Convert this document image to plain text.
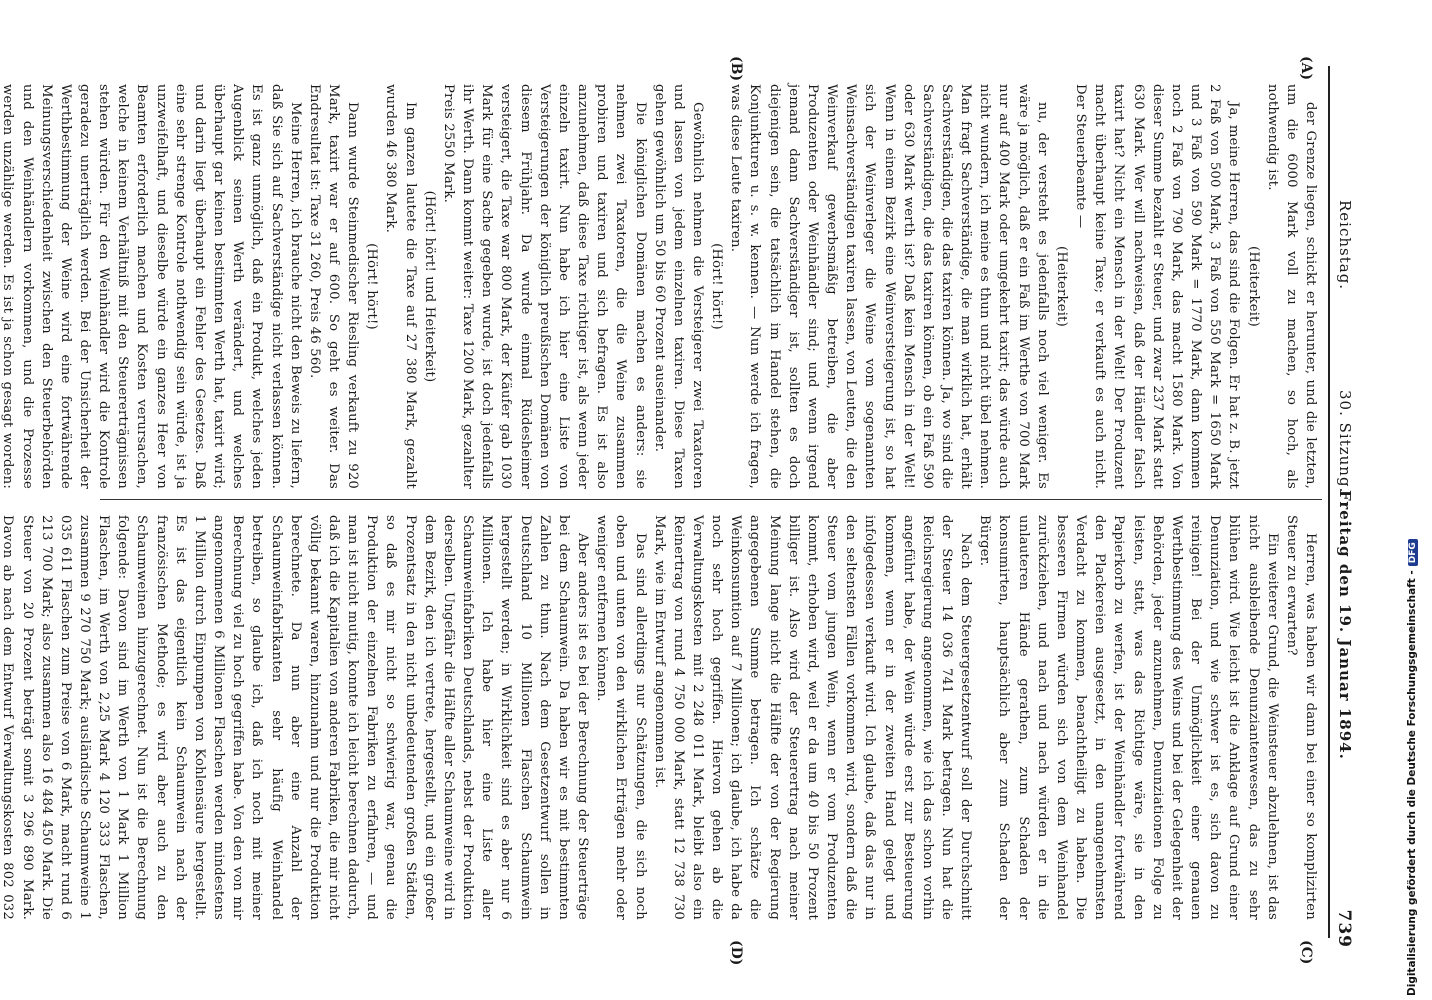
Reichstag.
30. Sitzung.
Freitag den 19. Januar 1894.
739
(A)
(B)
(C)
(D)

der Grenze liegen, schickt er herunter, und die letzten, um die 6000 Mark voll zu machen, so hoch, als nothwendig ist.

(Heiterkeit)

Ja, meine Herren, das sind die Folgen. Er hat z. B. jetzt 2 Faß von 500 Mark, 3 Faß von 550 Mark = 1650 Mark und 3 Faß von 590 Mark = 1770 Mark, dann kommen noch 2 Faß von 790 Mark, das macht 1580 Mark. Von dieser Summe bezahlt er Steuer, und zwar 237 Mark statt 630 Mark. Wer will nachweisen, daß der Händler falsch taxirt hat? Nicht ein Mensch in der Welt! Der Produzent macht überhaupt keine Taxe; er verkauft es auch nicht. Der Steuerbeamte —

(Heiterkeit)

nu, der versteht es jedenfalls noch viel weniger. Es wäre ja möglich, daß er ein Faß im Werthe von 700 Mark nur auf 400 Mark oder umgekehrt taxirt; das würde auch nicht wundern, ich meine es thun und nicht übel nehmen. Man fragt Sachverständige, die man wirklich hat, erhält Sachverständigen, die das taxiren können. Ja, wo sind die Sachverständigen, die das taxiren können, ob ein Faß 590 oder 630 Mark werth ist? Daß kein Mensch in der Welt! Wenn in einem Bezirk eine Weinversteigerung ist, so hat sich der Weinverleger die Weine vom sogenannten Weinsachverständigen taxiren lassen, von Leuten, die den Weinverkauf gewerbsmäßig betreiben, die aber Produzenten oder Weinhändler sind; und wenn irgend jemand dann Sachverständiger ist, sollten es doch diejenigen sein, die tatsächlich im Handel stehen, die Konjunkturen u. s. w. kennen. — Nun werde ich fragen, was diese Leute taxiren.

(Hört! hört!)

Gewöhnlich nehmen die Versteigerer zwei Taxatoren und lassen von jedem einzelnen taxiren. Diese Taxen gehen gewöhnlich um 50 bis 60 Prozent auseinander.

Die königlichen Domänen machen es anders: sie nehmen zwei Taxatoren, die die Weine zusammen probiren und taxiren und sich befragen. Es ist also anzunehmen, daß diese Taxe richtiger ist, als wenn jeder einzeln taxirt. Nun habe ich hier eine Liste von Versteigerungen der königlich preußischen Domänen von diesem Frühjahr. Da wurde einmal Rüdesheimer versteigert, die Taxe war 800 Mark, der Käufer gab 1030 Mark für eine Sache gegeben wurde, ist doch jedenfalls ihr Werth. Dann kommt weiter: Taxe 1200 Mark, gezahlter Preis 2550 Mark.

(Hört! hört! und Heiterkeit)

Im ganzen lautete die Taxe auf 27 380 Mark, gezahlt wurden 46 380 Mark.

(Hört! hört!)

Dann wurde Steinmedischer Riesling verkauft zu 920 Mark, taxirt war er auf 600. So geht es weiter. Das Endresultat ist: Taxe 31 260, Preis 46 560.

Meine Herren, ich brauche nicht den Beweis zu liefern, daß Sie sich auf Sachverständige nicht verlassen können. Es ist ganz unmöglich, daß ein Produkt, welches jeden Augenblick seinen Werth verändert, und welches überhaupt gar keinen bestimmten Werth hat, taxirt wird; und darin liegt überhaupt ein Fehler des Gesetzes. Daß eine sehr strenge Kontrole nothwendig sein würde, ist ja unzweifelhaft, und dieselbe würde ein ganzes Heer von Beamten erforderlich machen und Kosten verursachen, welche in keinem Verhältniß mit den Steuererträgnissen stehen würden. Für den Weinhändler wird die Kontrole geradezu unerträglich werden. Bei der Unsicherheit der Werthbestimmung der Weine wird eine fortwährende Meinungsverschiedenheit zwischen den Steuerbehörden und den Weinhändlern vorkommen, und die Prozesse werden unzählige werden. Es ist ja schon gesagt worden:

Herren, was haben wir dann bei einer so komplizirten Steuer zu erwarten?

Ein weiterer Grund, die Weinsteuer abzulehnen, ist das nicht ausbleibende Denunziantenwesen, das zu sehr blühen wird. Wie leicht ist die Anklage auf Grund einer Denunziation, und wie schwer ist es, sich davon zu reinigen! Bei der Unmöglichkeit einer genauen Werthbestimmung des Weins und bei der Gelegenheit der Behörden, jeder anzunehmen, Denunziationen Folge zu leisten, statt, was das Richtige wäre, sie in den Papierkorb zu werfen, ist der Weinhändler fortwährend den Plackereien ausgesetzt, in den unangenehmsten Verdacht zu kommen, benachtheiligt zu haben. Die besseren Firmen würden sich von dem Weinhandel zurückziehen, und nach und nach würden er in die unlauteren Hände gerathen, zum Schaden der konsumirten, hauptsächlich aber zum Schaden der Bürger.

Nach dem Steuergesetzentwurf soll der Durchschnitt der Steuer 14 036 741 Mark betragen. Nun hat die Reichsregierung angenommen, wie ich das schon vorhin angeführt habe, der Wein würde erst zur Besteuerung kommen, wenn er in der zweiten Hand gelegt und infolgedessen verkauft wird. Ich glaube, daß das nur in den seltensten Fällen vorkommen wird, sondern daß die Steuer vom jungen Wein, wenn er vom Produzenten kommt, erhoben wird, weil er da um 40 bis 50 Prozent billiger ist. Also wird der Steuerertrag nach meiner Meinung lange nicht die Hälfte der von der Regierung angegebenen Summe betragen. Ich schätze die Weinkonsumtion auf 7 Millionen; ich glaube, ich habe da noch sehr hoch gegriffen. Hiervon gehen ab die Verwaltungskosten mit 2 248 011 Mark, bleibt also ein Reinertrag von rund 4 750 000 Mark, statt 12 738 730 Mark, wie im Entwurf angenommen ist.

Das sind allerdings nur Schätzungen, die sich noch oben und unten von den wirklichen Erträgen mehr oder weniger entfernen können.

Aber anders ist es bei der Berechnung der Steuerträge bei dem Schaumwein. Da haben wir es mit bestimmten Zahlen zu thun. Nach dem Gesetzentwurf sollen in Deutschland 10 Millionen Flaschen Schaumwein hergestellt werden; in Wirklichkeit sind es aber nur 6 Millionen. Ich habe hier eine Liste aller Schaumweinfabriken Deutschlands, nebst der Produktion derselben. Ungefähr die Hälfte aller Schaumweine wird in dem Bezirk, den ich vertrete, hergestellt, und ein großer Prozentsatz in den nicht unbedeutenden großen Städten, so daß es mir nicht so schwierig war, genau die Produktion der einzelnen Fabriken zu erfahren, — und man ist nicht mutig, konnte ich leicht berechnen dadurch, daß ich die Kapitalien von anderen Fabriken, die mir nicht völlig bekannt waren, hinzunahm und nur die Produktion berechnete. Da nun aber eine Anzahl der Schaumweinfabrikanten sehr häufig Weinhandel betreiben, so glaube ich, daß ich noch mit meiner Berechnung viel zu hoch gegriffen habe. Von den von mir angenommenen 6 Millionen Flaschen werden mindestens 1 Million durch Einpumpen von Kohlensäure hergestellt. Es ist das eigentlich kein Schaumwein nach der französischen Methode; es wird aber auch zu den Schaumweinen hinzugerechnet. Nun ist die Berechnung folgende: Davon sind im Werth von 1 Mark 1 Million Flaschen, im Werth von 2,25 Mark 4 120 333 Flaschen, zusammen 9 270 750 Mark; ausländische Schaumweine 1 035 611 Flaschen zum Preise von 6 Mark, macht rund 6 213 700 Mark; also zusammen also 16 484 450 Mark. Die Steuer von 20 Prozent beträgt somit 3 296 890 Mark. Davon ab nach dem Entwurf Verwaltungskosten 802 032	Digitalisierung gefördert durch die Deutsche Forschungsgemeinschaft -DFG
